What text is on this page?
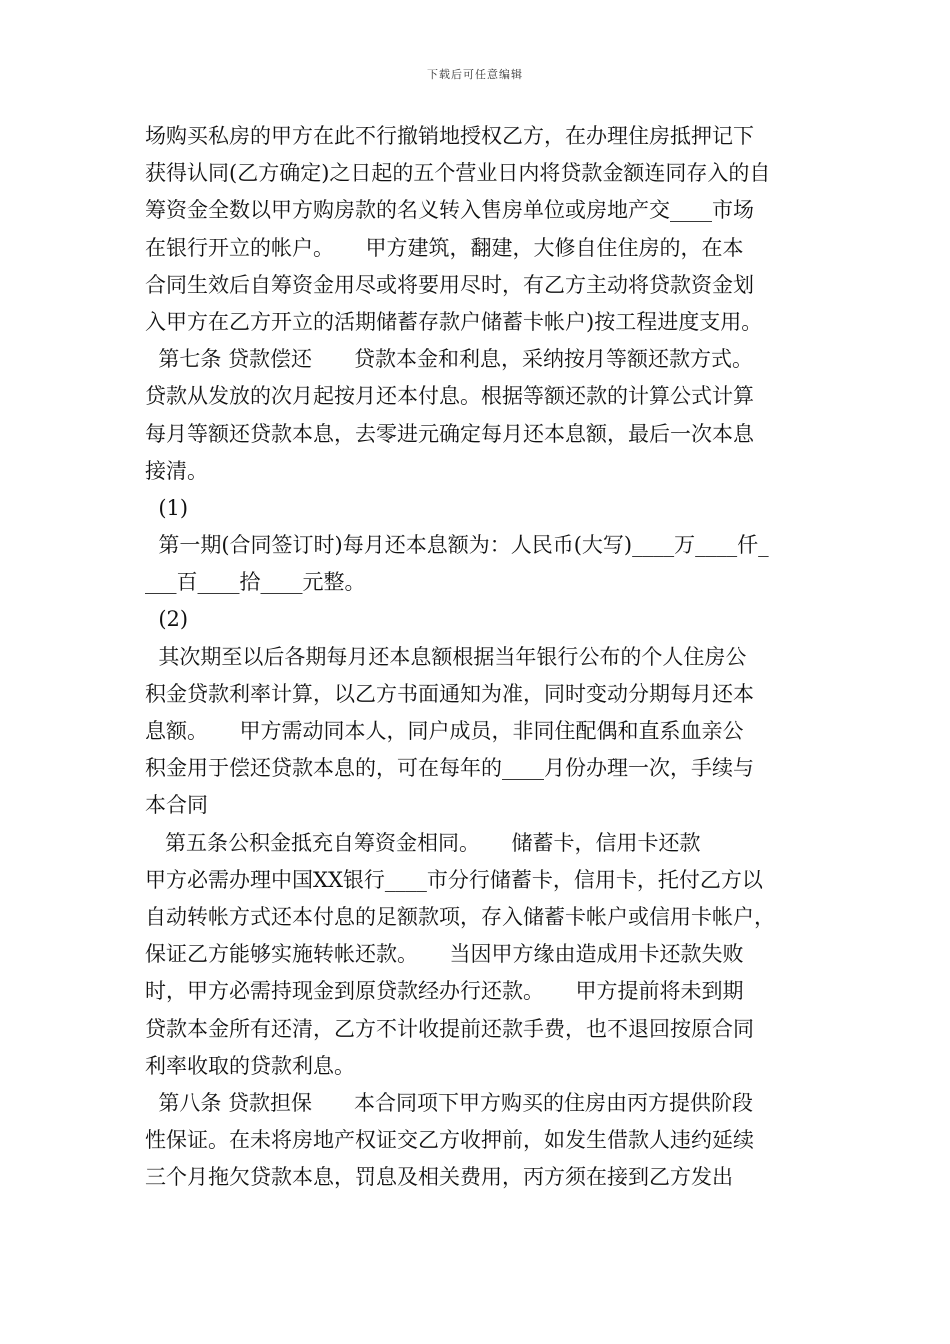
下载后可任意编辑
场购买私房的甲方在此不行撤销地授权乙方，在办理住房抵押记下
获得认同(乙方确定)之日起的五个营业日内将贷款金额连同存入的自
筹资金全数以甲方购房款的名义转入售房单位或房地产交____市场
在银行开立的帐户。　　甲方建筑，翻建，大修自住住房的，在本
合同生效后自筹资金用尽或将要用尽时，有乙方主动将贷款资金划
入甲方在乙方开立的活期储蓄存款户储蓄卡帐户)按工程进度支用。
第七条 贷款偿还　　贷款本金和利息，采纳按月等额还款方式。
贷款从发放的次月起按月还本付息。根据等额还款的计算公式计算
每月等额还贷款本息，去零进元确定每月还本息额，最后一次本息
接清。
(1)
第一期(合同签订时)每月还本息额为：人民币(大写)____万____仟_
___百____拾____元整。
(2)
其次期至以后各期每月还本息额根据当年银行公布的个人住房公
积金贷款利率计算，以乙方书面通知为准，同时变动分期每月还本
息额。　　甲方需动同本人，同户成员，非同住配偶和直系血亲公
积金用于偿还贷款本息的，可在每年的____月份办理一次，手续与
本合同
第五条公积金抵充自筹资金相同。　　储蓄卡，信用卡还款
甲方必需办理中国XX银行____市分行储蓄卡，信用卡，托付乙方以
自动转帐方式还本付息的足额款项，存入储蓄卡帐户或信用卡帐户，
保证乙方能够实施转帐还款。　　当因甲方缘由造成用卡还款失败
时，甲方必需持现金到原贷款经办行还款。　　甲方提前将未到期
贷款本金所有还清，乙方不计收提前还款手费，也不退回按原合同
利率收取的贷款利息。
第八条 贷款担保　　本合同项下甲方购买的住房由丙方提供阶段
性保证。在未将房地产权证交乙方收押前，如发生借款人违约延续
三个月拖欠贷款本息，罚息及相关费用，丙方须在接到乙方发出
